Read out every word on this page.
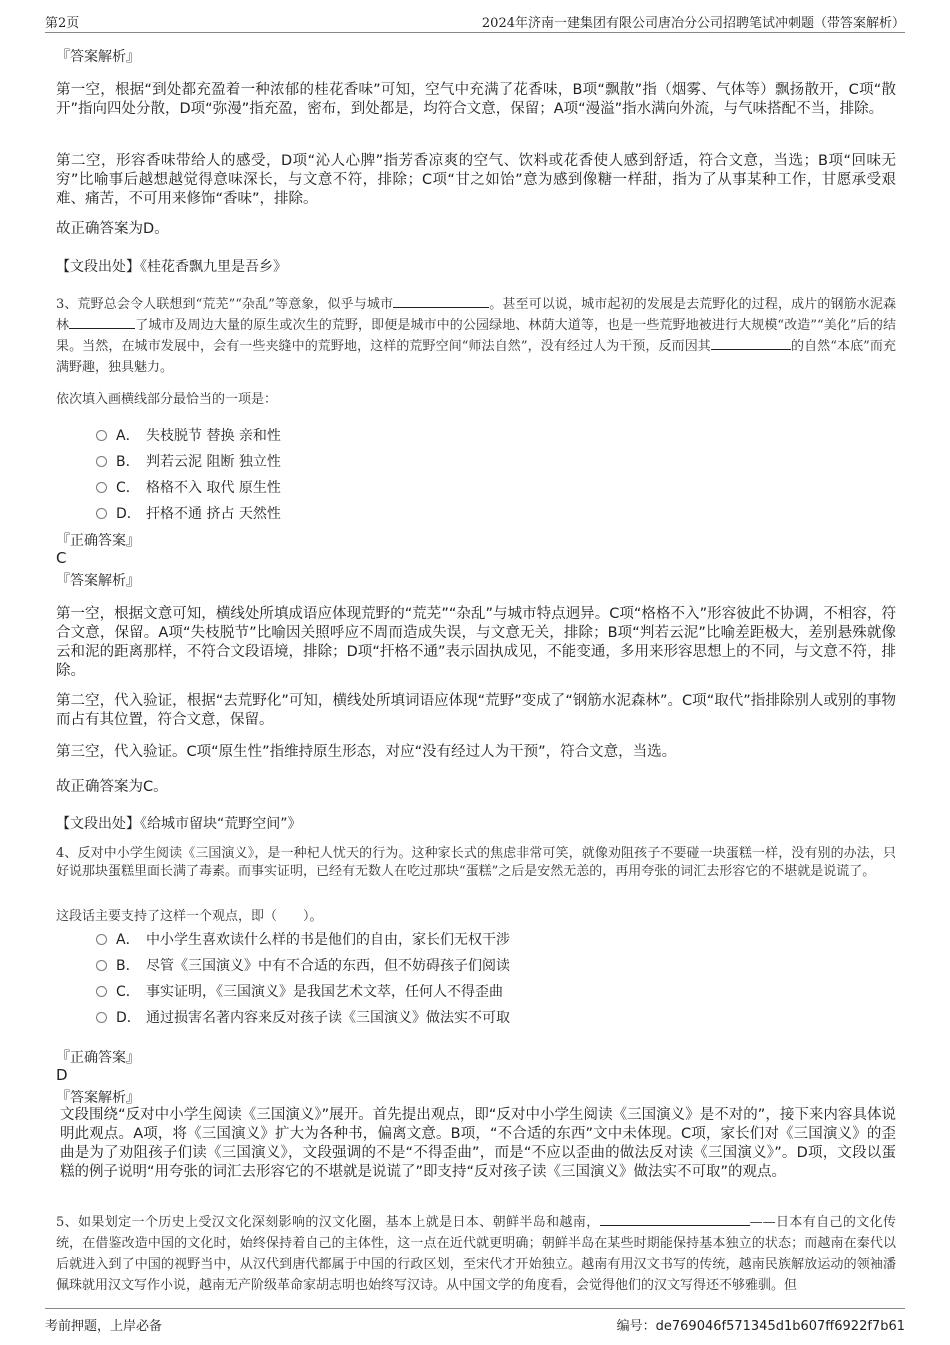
第2页	2024年济南一建集团有限公司唐冶分公司招聘笔试冲刺题（带答案解析）
『答案解析』

第一空，根据“到处都充盈着一种浓郁的桂花香味”可知，空气中充满了花香味，B项“飘散”指（烟雾、气体等）飘扬散开，C项“散开”指向四处分散，D项“弥漫”指充盈，密布，到处都是，均符合文意，保留；A项“漫溢”指水满向外流，与气味搭配不当，排除。

第二空，形容香味带给人的感受，D项“沁人心脾”指芳香凉爽的空气、饮料或花香使人感到舒适，符合文意，当选；B项“回味无穷”比喻事后越想越觉得意味深长，与文意不符，排除；C项“甘之如饴”意为感到像糖一样甜，指为了从事某种工作，甘愿承受艰难、痛苦，不可用来修饰“香味”，排除。

故正确答案为D。

【文段出处】《桂花香飘九里是吾乡》

3、荒野总会令人联想到“荒芜”“杂乱”等意象，似乎与城市	。甚至可以说，城市起初的发展是去荒野化的过程，成片的钢筋水泥森林	了城市及周边大量的原生或次生的荒野，即便是城市中的公园绿地、林荫大道等，也是一些荒野地被进行大规模“改造”“美化”后的结果。当然，在城市发展中，会有一些夹缝中的荒野地，这样的荒野空间“师法自然”，没有经过人为干预，反而因其	的自然“本底”而充满野趣，独具魅力。

依次填入画横线部分最恰当的一项是：

A． 失枝脱节 替换 亲和性
B． 判若云泥 阻断 独立性
C． 格格不入 取代 原生性
D． 扞格不通 挤占 天然性
『正确答案』
C
『答案解析』

第一空，根据文意可知，横线处所填成语应体现荒野的“荒芜”“杂乱”与城市特点迥异。C项“格格不入”形容彼此不协调，不相容，符合文意，保留。A项“失枝脱节”比喻因关照呼应不周而造成失误，与文意无关，排除；B项“判若云泥”比喻差距极大，差别悬殊就像云和泥的距离那样，不符合文段语境，排除；D项“扞格不通”表示固执成见，不能变通，多用来形容思想上的不同，与文意不符，排除。

第二空，代入验证，根据“去荒野化”可知，横线处所填词语应体现“荒野”变成了“钢筋水泥森林”。C项“取代”指排除别人或别的事物而占有其位置，符合文意，保留。

第三空，代入验证。C项“原生性”指维持原生形态，对应“没有经过人为干预”，符合文意，当选。

故正确答案为C。

【文段出处】《给城市留块“荒野空间”》

4、反对中小学生阅读《三国演义》，是一种杞人忧天的行为。这种家长式的焦虑非常可笑，就像劝阻孩子不要碰一块蛋糕一样，没有别的办法，只好说那块蛋糕里面长满了毒素。而事实证明，已经有无数人在吃过那块“蛋糕”之后是安然无恙的，再用夸张的词汇去形容它的不堪就是说谎了。

这段话主要支持了这样一个观点，即（　　）。

A． 中小学生喜欢读什么样的书是他们的自由，家长们无权干涉
B． 尽管《三国演义》中有不合适的东西，但不妨碍孩子们阅读
C． 事实证明，《三国演义》是我国艺术文萃，任何人不得歪曲
D． 通过损害名著内容来反对孩子读《三国演义》做法实不可取
『正确答案』
D
『答案解析』

文段围绕“反对中小学生阅读《三国演义》”展开。首先提出观点，即“反对中小学生阅读《三国演义》是不对的”，接下来内容具体说明此观点。A项，将《三国演义》扩大为各种书，偏离文意。B项，“不合适的东西”文中未体现。C项，家长们对《三国演义》的歪曲是为了劝阻孩子们读《三国演义》，文段强调的不是“不得歪曲”，而是“不应以歪曲的做法反对读《三国演义》”。D项，文段以蛋糕的例子说明“用夸张的词汇去形容它的不堪就是说谎了”即支持“反对孩子读《三国演义》做法实不可取”的观点。

5、如果划定一个历史上受汉文化深刻影响的汉文化圈，基本上就是日本、朝鲜半岛和越南，	——日本有自己的文化传统，在借鉴改造中国的文化时，始终保持着自己的主体性，这一点在近代就更明确；朝鲜半岛在某些时期能保持基本独立的状态；而越南在秦代以后就进入到了中国的视野当中，从汉代到唐代都属于中国的行政区划，至宋代才开始独立。越南有用汉文书写的传统，越南民族解放运动的领袖潘佩珠就用汉文写作小说，越南无产阶级革命家胡志明也始终写汉诗。从中国文学的角度看，会觉得他们的汉文写得还不够雅驯。但

考前押题，上岸必备	编号：de769046f571345d1b607ff6922f7b61
